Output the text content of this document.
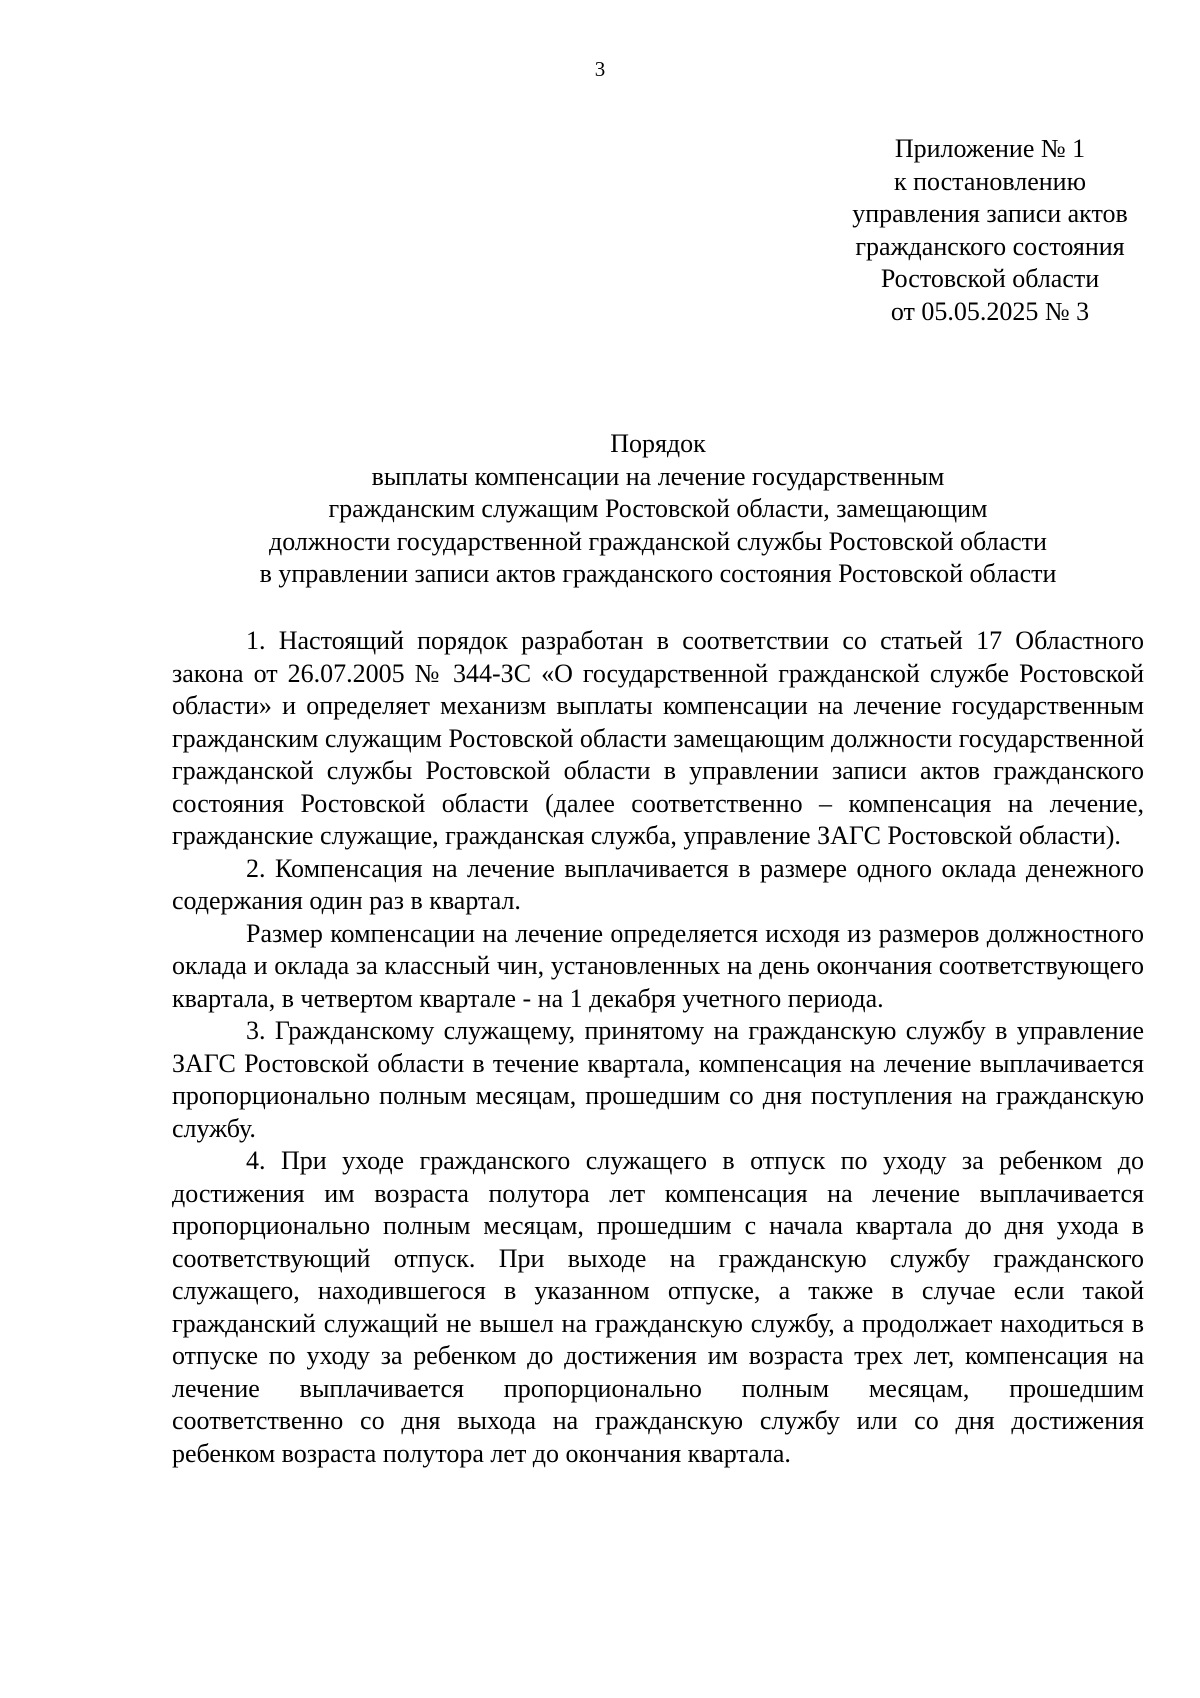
3
Приложение № 1
к постановлению
управления записи актов
гражданского состояния
Ростовской области
от 05.05.2025 № 3
Порядок
выплаты компенсации на лечение государственным
гражданским служащим Ростовской области, замещающим
должности государственной гражданской службы Ростовской области
в управлении записи актов гражданского состояния Ростовской области

1. Настоящий порядок разработан в соответствии со статьей 17 Областного закона от 26.07.2005 № 344-ЗС «О государственной гражданской службе Ростовской области» и определяет механизм выплаты компенсации на лечение государственным гражданским служащим Ростовской области замещающим должности государственной гражданской службы Ростовской области в управлении записи актов гражданского состояния Ростовской области (далее соответственно – компенсация на лечение, гражданские служащие, гражданская служба, управление ЗАГС Ростовской области).

2. Компенсация на лечение выплачивается в размере одного оклада денежного содержания один раз в квартал.

Размер компенсации на лечение определяется исходя из размеров должностного оклада и оклада за классный чин, установленных на день окончания соответствующего квартала, в четвертом квартале - на 1 декабря учетного периода.

3. Гражданскому служащему, принятому на гражданскую службу в управление ЗАГС Ростовской области в течение квартала, компенсация на лечение выплачивается пропорционально полным месяцам, прошедшим со дня поступления на гражданскую службу.

4. При уходе гражданского служащего в отпуск по уходу за ребенком до достижения им возраста полутора лет компенсация на лечение выплачивается пропорционально полным месяцам, прошедшим с начала квартала до дня ухода в соответствующий отпуск. При выходе на гражданскую службу гражданского служащего, находившегося в указанном отпуске, а также в случае если такой гражданский служащий не вышел на гражданскую службу, а продолжает находиться в отпуске по уходу за ребенком до достижения им возраста трех лет, компенсация на лечение выплачивается пропорционально полным месяцам, прошедшим соответственно со дня выхода на гражданскую службу или со дня достижения ребенком возраста полутора лет до окончания квартала.
